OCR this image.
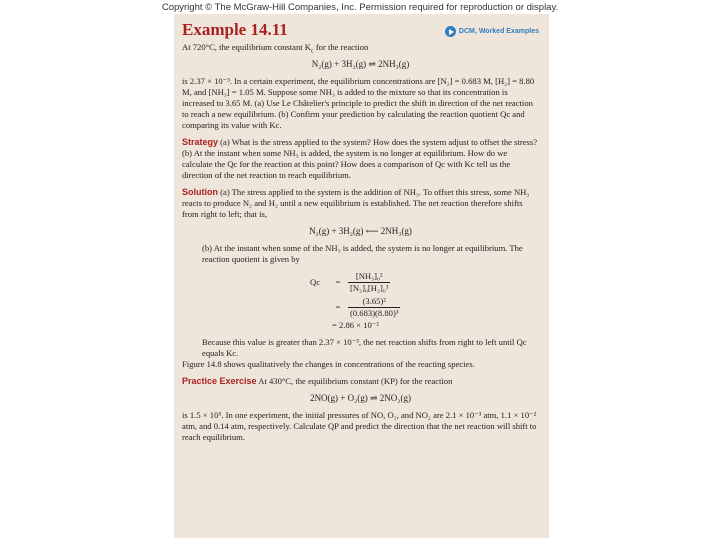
Copyright © The McGraw-Hill Companies, Inc. Permission required for reproduction or display.
Example 14.11	DCM, Worked Examples

At 720°C, the equilibrium constant $K_c$ for the reaction

N₂(g) + 3H₂(g) ⇌ 2NH₃(g)

is 2.37 × 10⁻³. In a certain experiment, the equilibrium concentrations are [N₂] = 0.683 M, [H₂] = 8.80 M, and [NH₃] = 1.05 M. Suppose some NH₃ is added to the mixture so that its concentration is increased to 3.65 M. (a) Use Le Châtelier's principle to predict the shift in direction of the net reaction to reach a new equilibrium. (b) Confirm your prediction by calculating the reaction quotient Qc and comparing its value with Kc.

Strategy (a) What is the stress applied to the system? How does the system adjust to offset the stress? (b) At the instant when some NH₃ is added, the system is no longer at equilibrium. How do we calculate the Qc for the reaction at this point? How does a comparison of Qc with Kc tell us the direction of the net reaction to reach equilibrium.

Solution (a) The stress applied to the system is the addition of NH₃. To offset this stress, some NH₃ reacts to produce N₂ and H₂ until a new equilibrium is established. The net reaction therefore shifts from right to left; that is,

N₂(g) + 3H₂(g) ⟵ 2NH₃(g)

(b) At the instant when some of the NH₃ is added, the system is no longer at equilibrium. The reaction quotient is given by

Qc	= $\frac{\text{[NH₃]₀²}}{\text{[N₂]₀[H₂]₀³}}$
= $\frac{\text{(3.65)²}}{\text{(0.683)(8.80)³}}$
= 2.86 × 10⁻²

Because this value is greater than 2.37 × 10⁻³, the net reaction shifts from right to left until Qc equals Kc.

Figure 14.8 shows qualitatively the changes in concentrations of the reacting species.

Practice Exercise At 430°C, the equilibrium constant (KP) for the reaction

2NO(g) + O₂(g) ⇌ 2NO₂(g)

is 1.5 × 10⁵. In one experiment, the initial pressures of NO, O₂, and NO₂ are 2.1 × 10⁻³ atm, 1.1 × 10⁻² atm, and 0.14 atm, respectively. Calculate QP and predict the direction that the net reaction will shift to reach equilibrium.
